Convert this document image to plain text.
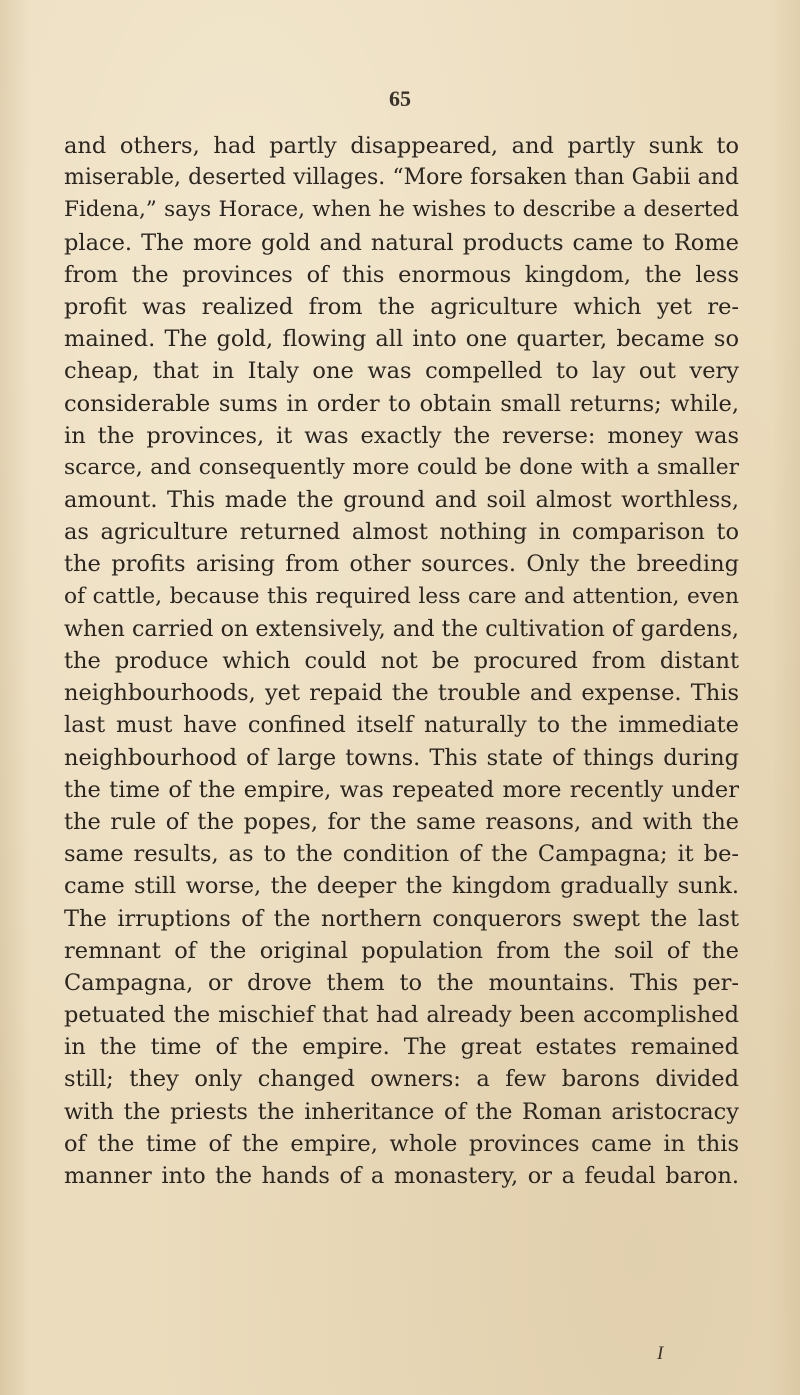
65
and others, had partly disappeared, and partly sunk to
miserable, deserted villages. “More forsaken than Gabii and
Fidena,” says Horace, when he wishes to describe a deserted
place. The more gold and natural products came to Rome
from the provinces of this enormous kingdom, the less
profit was realized from the agriculture which yet re-
mained. The gold, flowing all into one quarter, became so
cheap, that in Italy one was compelled to lay out very
considerable sums in order to obtain small returns; while,
in the provinces, it was exactly the reverse: money was
scarce, and consequently more could be done with a smaller
amount. This made the ground and soil almost worthless,
as agriculture returned almost nothing in comparison to
the profits arising from other sources. Only the breeding
of cattle, because this required less care and attention, even
when carried on extensively, and the cultivation of gardens,
the produce which could not be procured from distant
neighbourhoods, yet repaid the trouble and expense. This
last must have confined itself naturally to the immediate
neighbourhood of large towns. This state of things during
the time of the empire, was repeated more recently under
the rule of the popes, for the same reasons, and with the
same results, as to the condition of the Campagna; it be-
came still worse, the deeper the kingdom gradually sunk.
The irruptions of the northern conquerors swept the last
remnant of the original population from the soil of the
Campagna, or drove them to the mountains. This per-
petuated the mischief that had already been accomplished
in the time of the empire. The great estates remained
still; they only changed owners: a few barons divided
with the priests the inheritance of the Roman aristocracy
of the time of the empire, whole provinces came in this
manner into the hands of a monastery, or a feudal baron.
I
